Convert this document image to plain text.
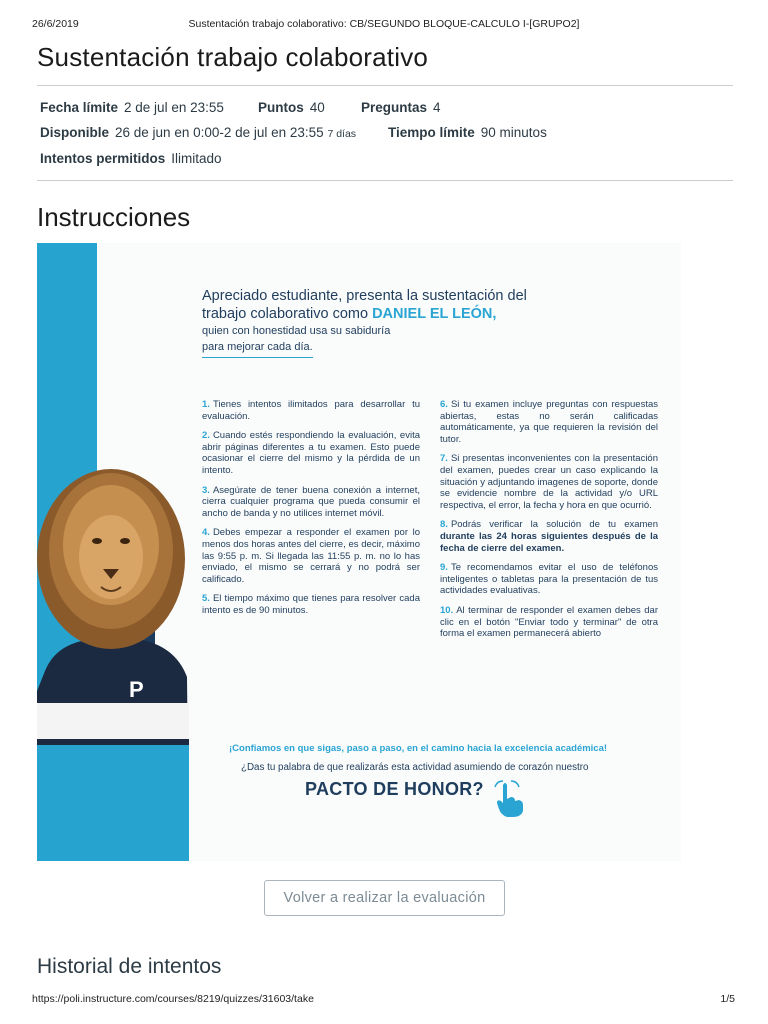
26/6/2019	Sustentación trabajo colaborativo: CB/SEGUNDO BLOQUE-CALCULO I-[GRUPO2]
Sustentación trabajo colaborativo
Fecha límite 2 de jul en 23:55	Puntos 40	Preguntas 4
Disponible 26 de jun en 0:00-2 de jul en 23:55 7 días Tiempo límite 90 minutos
Intentos permitidos Ilimitado
Instrucciones
P
Apreciado estudiante, presenta la sustentación del
trabajo colaborativo como DANIEL EL LEÓN,
quien con honestidad usa su sabiduría
para mejorar cada día.

1. Tienes intentos ilimitados para desarrollar tu evaluación.

2. Cuando estés respondiendo la evaluación, evita abrir páginas diferentes a tu examen. Esto puede ocasionar el cierre del mismo y la pérdida de un intento.

3. Asegúrate de tener buena conexión a internet, cierra cualquier programa que pueda consumir el ancho de banda y no utilices internet móvil.

4. Debes empezar a responder el examen por lo menos dos horas antes del cierre, es decir, máximo las 9:55 p. m. Si llegada las 11:55 p. m. no lo has enviado, el mismo se cerrará y no podrá ser calificado.

5. El tiempo máximo que tienes para resolver cada intento es de 90 minutos.

6. Si tu examen incluye preguntas con respuestas abiertas, estas no serán calificadas automáticamente, ya que requieren la revisión del tutor.

7. Si presentas inconvenientes con la presentación del examen, puedes crear un caso explicando la situación y adjuntando imagenes de soporte, donde se evidencie nombre de la actividad y/o URL respectiva, el error, la fecha y hora en que ocurrió.

8. Podrás verificar la solución de tu examen durante las 24 horas siguientes después de la fecha de cierre del examen.

9. Te recomendamos evitar el uso de teléfonos inteligentes o tabletas para la presentación de tus actividades evaluativas.

10. Al terminar de responder el examen debes dar clic en el botón "Enviar todo y terminar" de otra forma el examen permanecerá abierto

¡Confiamos en que sigas, paso a paso, en el camino hacia la excelencia académica!
¿Das tu palabra de que realizarás esta actividad asumiendo de corazón nuestro
PACTO DE HONOR?
Volver a realizar la evaluación
Historial de intentos
https://poli.instructure.com/courses/8219/quizzes/31603/take	1/5
